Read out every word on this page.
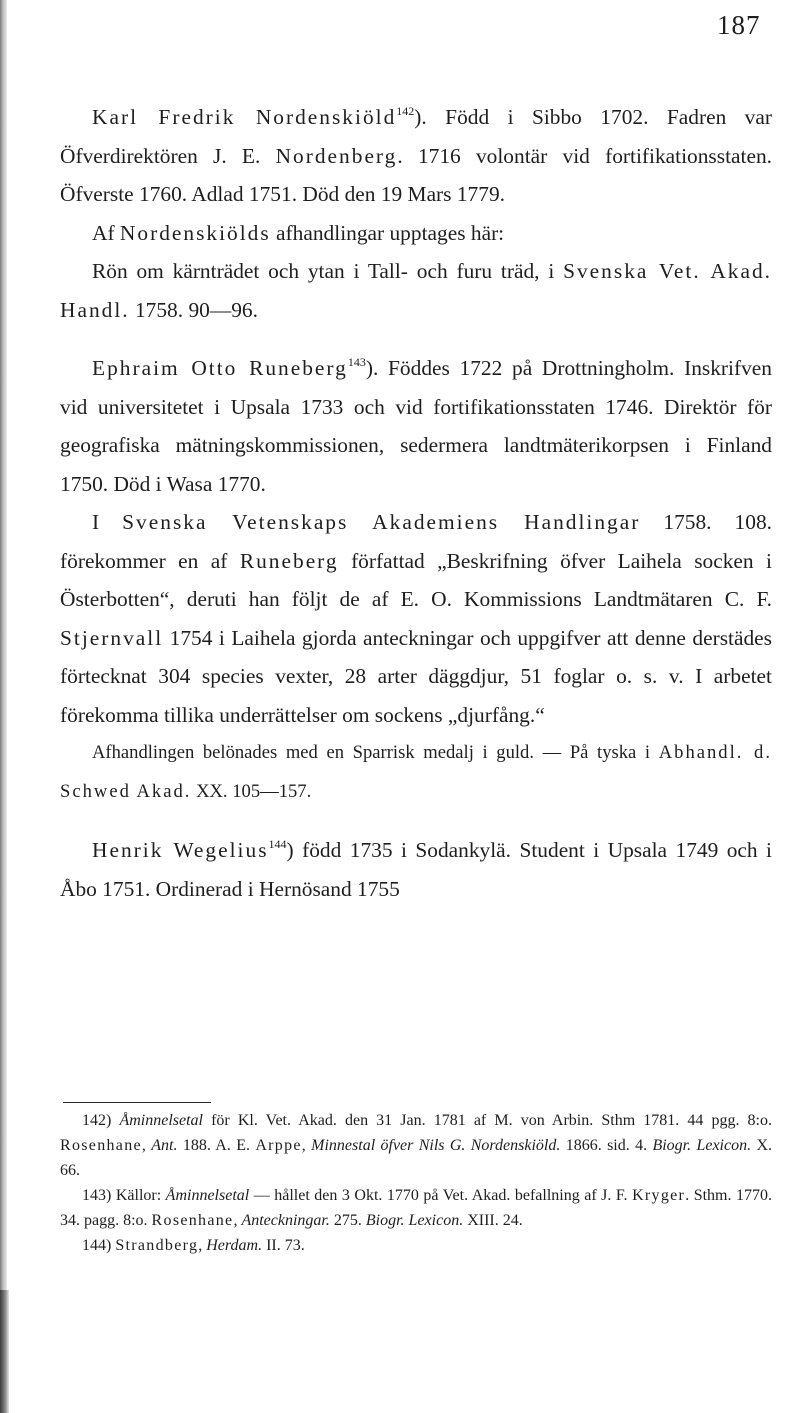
187

Karl Fredrik Nordenskiöld$^{142}$). Född i Sibbo 1702. Fadren var Öfverdirektören J. E. Nordenberg. 1716 volontär vid fortifikationsstaten. Öfverste 1760. Adlad 1751. Död den 19 Mars 1779.

Af Nordenskiölds afhandlingar upptages här:

Rön om kärnträdet och ytan i Tall- och furu träd, i Svenska Vet. Akad. Handl. 1758. 90—96.

Ephraim Otto Runeberg$^{143}$). Föddes 1722 på Drottningholm. Inskrifven vid universitetet i Upsala 1733 och vid fortifikationsstaten 1746. Direktör för geografiska mätningskommissionen, sedermera landtmäterikorpsen i Finland 1750. Död i Wasa 1770.

I Svenska Vetenskaps Akademiens Handlingar 1758. 108. förekommer en af Runeberg författad „Beskrifning öfver Laihela socken i Österbotten“, deruti han följt de af E. O. Kommissions Landtmätaren C. F. Stjernvall 1754 i Laihela gjorda anteckningar och uppgifver att denne derstädes förtecknat 304 species vexter, 28 arter däggdjur, 51 foglar o. s. v. I arbetet förekomma tillika underrättelser om sockens „djurfång.“

Afhandlingen belönades med en Sparrisk medalj i guld. — På tyska i Abhandl. d. Schwed Akad. XX. 105—157.

Henrik Wegelius$^{144}$) född 1735 i Sodankylä. Student i Upsala 1749 och i Åbo 1751. Ordinerad i Hernösand 1755

142) Åminnelsetal för Kl. Vet. Akad. den 31 Jan. 1781 af M. von Arbin. Sthm 1781. 44 pgg. 8:o. Rosenhane, Ant. 188. A. E. Arppe, Minnestal öfver Nils G. Nordenskiöld. 1866. sid. 4. Biogr. Lexicon. X. 66.

143) Källor: Åminnelsetal — hållet den 3 Okt. 1770 på Vet. Akad. befallning af J. F. Kryger. Sthm. 1770. 34. pagg. 8:o. Rosenhane, Anteckningar. 275. Biogr. Lexicon. XIII. 24.

144) Strandberg, Herdam. II. 73.
